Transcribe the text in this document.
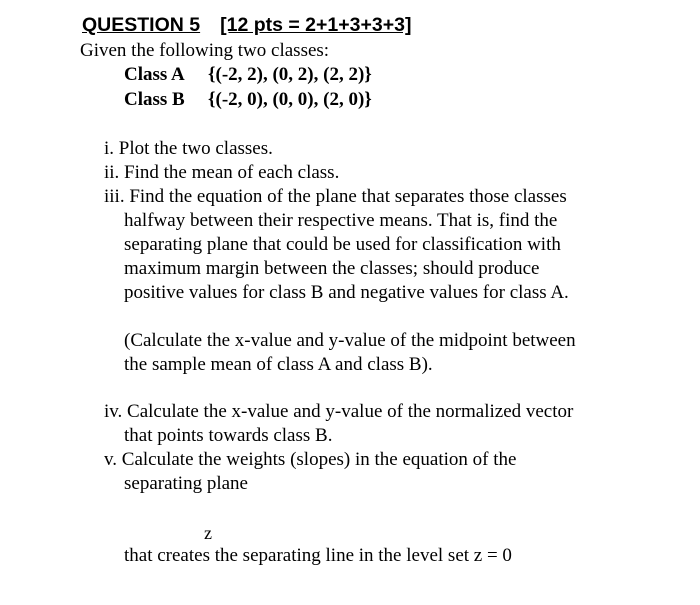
QUESTION 5 [12 pts = 2+1+3+3+3]
Given the following two classes:
Class A {(-2, 2), (0, 2), (2, 2)}
Class B {(-2, 0), (0, 0), (2, 0)}
i. Plot the two classes.
ii. Find the mean of each class.
iii. Find the equation of the plane that separates those classes
halfway between their respective means. That is, find the
separating plane that could be used for classification with
maximum margin between the classes; should produce
positive values for class B and negative values for class A.
(Calculate the x-value and y-value of the midpoint between
the sample mean of class A and class B).
iv. Calculate the x-value and y-value of the normalized vector
that points towards class B.
v. Calculate the weights (slopes) in the equation of the
separating plane
z
that creates the separating line in the level set z = 0
